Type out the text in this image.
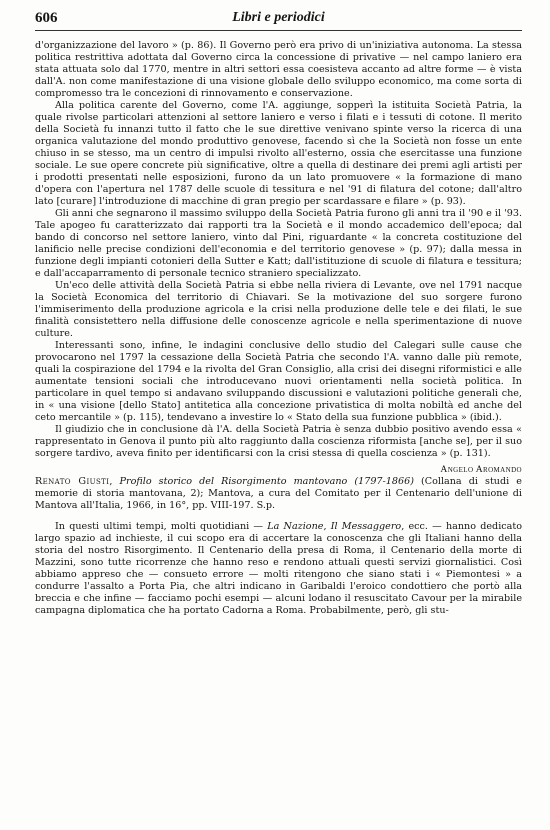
606	Libri e periodici

d'organizzazione del lavoro » (p. 86). Il Governo però era privo di un'iniziativa autonoma. La stessa politica restrittiva adottata dal Governo circa la concessione di privative — nel campo laniero era stata attuata solo dal 1770, mentre in altri settori essa coesisteva accanto ad altre forme — è vista dall'A. non come manifestazione di una visione globale dello sviluppo economico, ma come sorta di compromesso tra le concezioni di rinnovamento e conservazione.

Alla politica carente del Governo, come l'A. aggiunge, sopperì la istituita Società Patria, la quale rivolse particolari attenzioni al settore laniero e verso i filati e i tessuti di cotone. Il merito della Società fu innanzi tutto il fatto che le sue direttive venivano spinte verso la ricerca di una organica valutazione del mondo produttivo genovese, facendo sì che la Società non fosse un ente chiuso in se stesso, ma un centro di impulsi rivolto all'esterno, ossia che esercitasse una funzione sociale. Le sue opere concrete più significative, oltre a quella di destinare dei premi agli artisti per i prodotti presentati nelle esposizioni, furono da un lato promuovere « la formazione di mano d'opera con l'apertura nel 1787 delle scuole di tessitura e nel '91 di filatura del cotone; dall'altro lato [curare] l'introduzione di macchine di gran pregio per scardassare e filare » (p. 93).

Gli anni che segnarono il massimo sviluppo della Società Patria furono gli anni tra il '90 e il '93. Tale apogeo fu caratterizzato dai rapporti tra la Società e il mondo accademico dell'epoca; dal bando di concorso nel settore laniero, vinto dal Pini, riguardante « la concreta costituzione del lanificio nelle precise condizioni dell'economia e del territorio genovese » (p. 97); dalla messa in funzione degli impianti cotonieri della Sutter e Katt; dall'istituzione di scuole di filatura e tessitura; e dall'accaparramento di personale tecnico straniero specializzato.

Un'eco delle attività della Società Patria si ebbe nella riviera di Levante, ove nel 1791 nacque la Società Economica del territorio di Chiavari. Se la motivazione del suo sorgere furono l'immiserimento della produzione agricola e la crisi nella produzione delle tele e dei filati, le sue finalità consistettero nella diffusione delle conoscenze agricole e nella sperimentazione di nuove culture.

Interessanti sono, infine, le indagini conclusive dello studio del Calegari sulle cause che provocarono nel 1797 la cessazione della Società Patria che secondo l'A. vanno dalle più remote, quali la cospirazione del 1794 e la rivolta del Gran Consiglio, alla crisi dei disegni riformistici e alle aumentate tensioni sociali che introducevano nuovi orientamenti nella società politica. In particolare in quel tempo si andavano sviluppando discussioni e valutazioni politiche generali che, in « una visione [dello Stato] antitetica alla concezione privatistica di molta nobiltà ed anche del ceto mercantile » (p. 115), tendevano a investire lo « Stato della sua funzione pubblica » (ibid.).

Il giudizio che in conclusione dà l'A. della Società Patria è senza dubbio positivo avendo essa « rappresentato in Genova il punto più alto raggiunto dalla coscienza riformista [anche se], per il suo sorgere tardivo, aveva finito per identificarsi con la crisi stessa di quella coscienza » (p. 131).

Angelo Aromando

Renato Giusti, Profilo storico del Risorgimento mantovano (1797-1866) (Collana di studi e memorie di storia mantovana, 2); Mantova, a cura del Comitato per il Centenario dell'unione di Mantova all'Italia, 1966, in 16°, pp. VIII-197. S.p.

In questi ultimi tempi, molti quotidiani — La Nazione, Il Messaggero, ecc. — hanno dedicato largo spazio ad inchieste, il cui scopo era di accertare la conoscenza che gli Italiani hanno della storia del nostro Risorgimento. Il Centenario della presa di Roma, il Centenario della morte di Mazzini, sono tutte ricorrenze che hanno reso e rendono attuali questi servizi giornalistici. Così abbiamo appreso che — consueto errore — molti ritengono che siano stati i « Piemontesi » a condurre l'assalto a Porta Pia, che altri indicano in Garibaldi l'eroico condottiero che portò alla breccia e che infine — facciamo pochi esempi — alcuni lodano il resuscitato Cavour per la mirabile campagna diplomatica che ha portato Cadorna a Roma. Probabilmente, però, gli stu-
